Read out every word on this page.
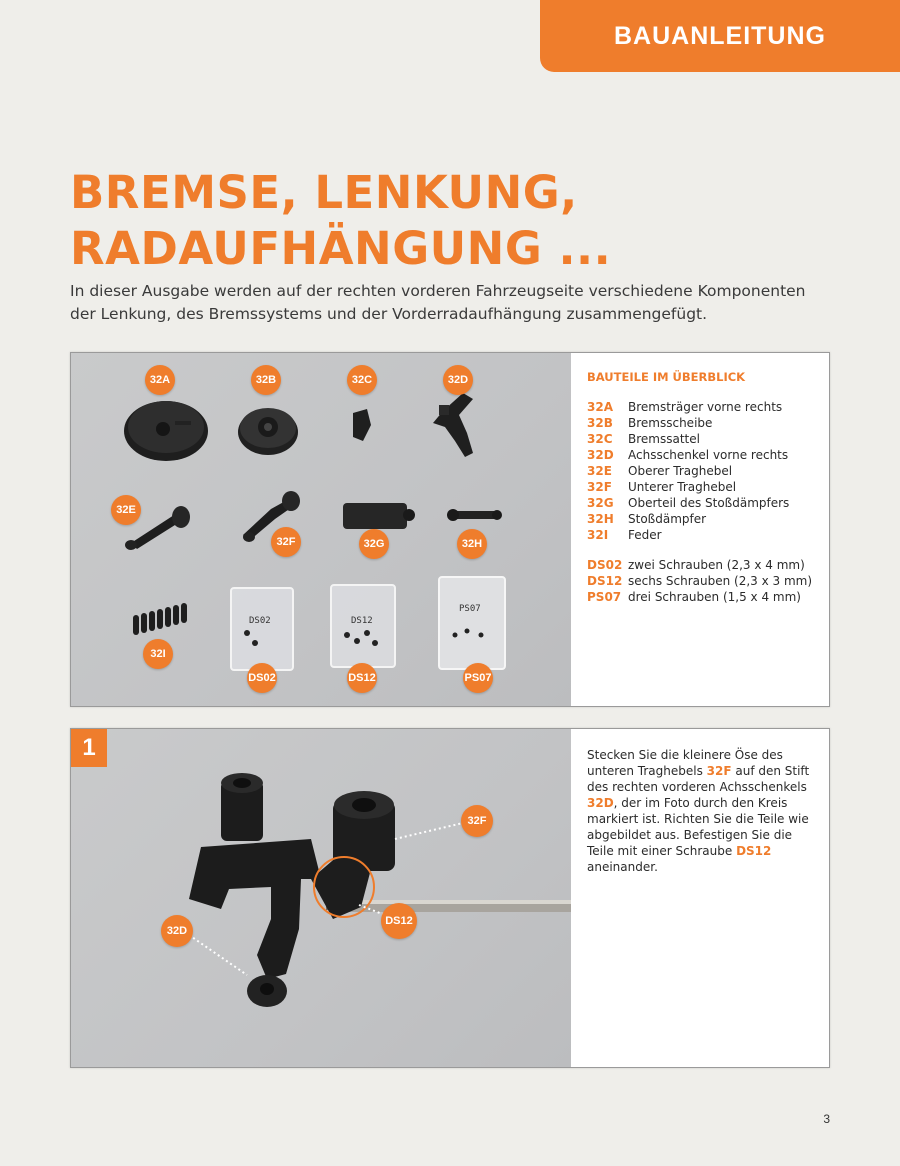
BAUANLEITUNG
BREMSE, LENKUNG,
RADAUFHÄNGUNG ...

In dieser Ausgabe werden auf der rechten vorderen Fahrzeugseite verschiedene Komponenten
der Lenkung, des Bremssystems und der Vorderradaufhängung zusammengefügt.

DS02	DS12
PS07
32A	32B	32C	32D
32E
32F	32G	32H
32I
DS02	DS12	PS07
BAUTEILE IM ÜBERBLICK
32A	Bremsträger vorne rechts
32B	Bremsscheibe
32C	Bremssattel
32D	Achsschenkel vorne rechts
32E	Oberer Traghebel
32F	Unterer Traghebel
32G	Oberteil des Stoßdämpfers
32H	Stoßdämpfer
32I	Feder
DS02 zwei Schrauben (2,3 x 4 mm)
DS12 sechs Schrauben (2,3 x 3 mm)
PS07 drei Schrauben (1,5 x 4 mm)
32F
32D
DS12
1	Stecken Sie die kleinere Öse des unteren Traghebels 32F auf den Stift des rechten vorderen Achsschenkels 32D, der im Foto durch den Kreis markiert ist. Richten Sie die Teile wie abgebildet aus. Befestigen Sie die Teile mit einer Schraube DS12 aneinander.

3
